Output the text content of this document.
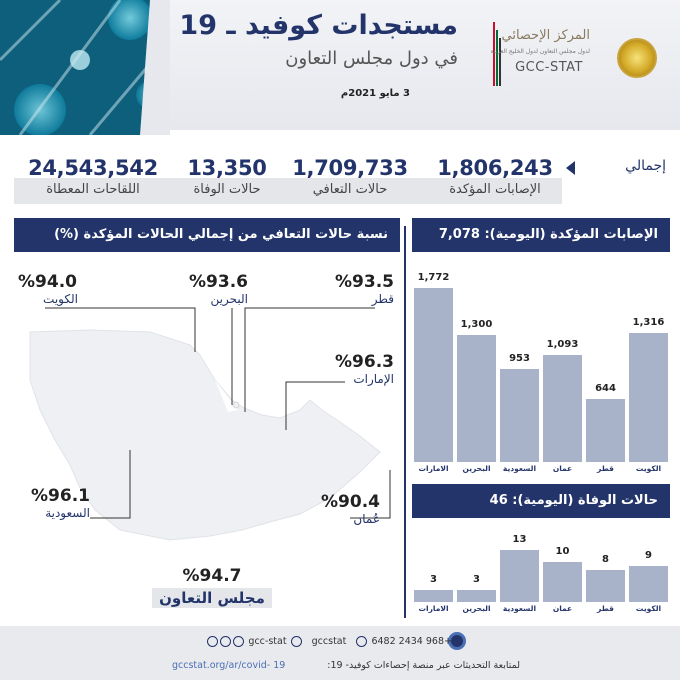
مستجدات كوفيد ـ 19
في دول مجلس التعاون
3 مايو 2021م
المركز الإحصائي
لدول مجلس التعاون لدول الخليج العربية
GCC-STAT
إجمالي
1,806,243
الإصابات المؤكدة
1,709,733
حالات التعافي
13,350
حالات الوفاة
24,543,542
اللقاحات المعطاة
نسبة حالات التعافي من إجمالي الحالات المؤكدة (%)	الإصابات المؤكدة (اليومية): 7,078
حالات الوفاة (اليومية): 46
%94.0
الكويت
%93.6
البحرين
%93.5
قطر
%96.3
الإمارات
%96.1
السعودية
%90.4
عُمان
%94.7
مجلس التعاون
1,316
الكويت
644
قطر
1,093
عمان
953
السعودية
1,300
البحرين
1,772
الامارات
9
الكويت
8
قطر
10
عمان
13
السعودية
3
البحرين
3
الامارات
+968 2434 6482    gcc-stat	gccstat
لمتابعة التحديثات عبر منصة إحصاءات كوفيد- 19:
gccstat.org/ar/covid- 19
